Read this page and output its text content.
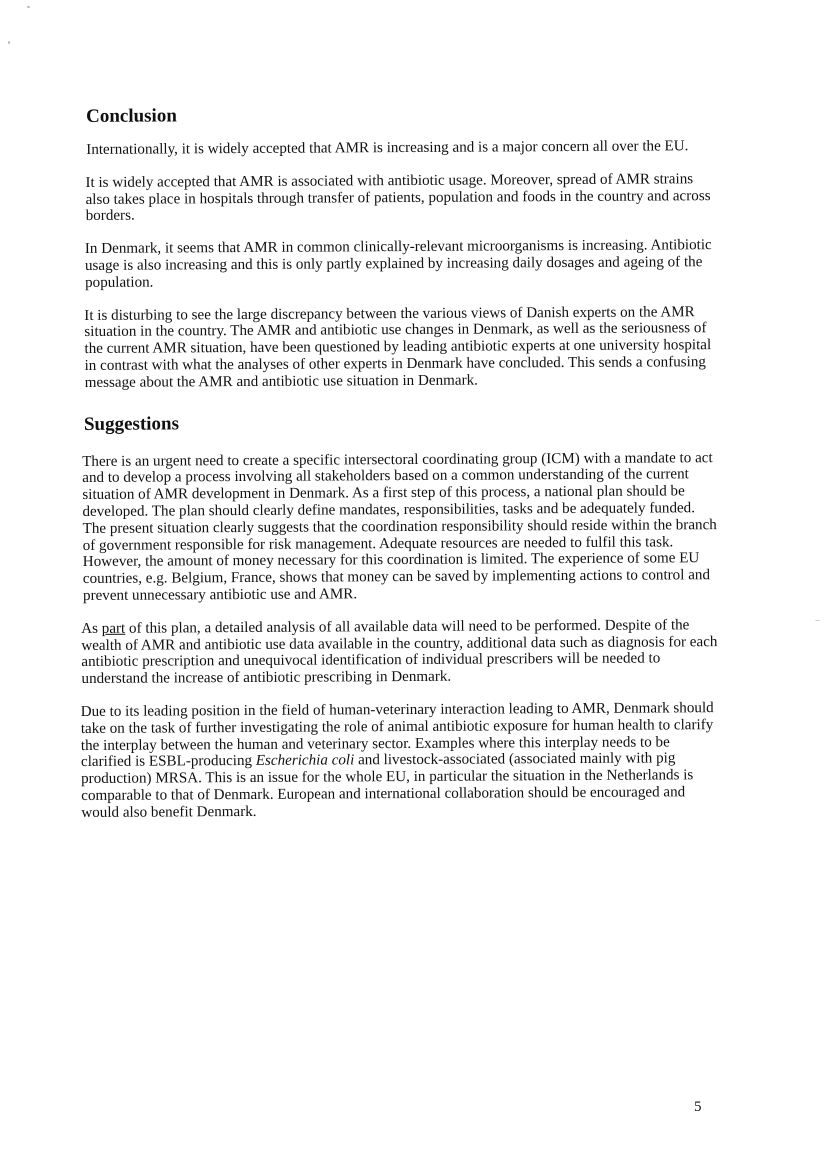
Conclusion

Internationally, it is widely accepted that AMR is increasing and is a major concern all over the EU.

It is widely accepted that AMR is associated with antibiotic usage. Moreover, spread of AMR strains also takes place in hospitals through transfer of patients, population and foods in the country and across borders.

In Denmark, it seems that AMR in common clinically-relevant microorganisms is increasing. Antibiotic usage is also increasing and this is only partly explained by increasing daily dosages and ageing of the population.

It is disturbing to see the large discrepancy between the various views of Danish experts on the AMR situation in the country. The AMR and antibiotic use changes in Denmark, as well as the seriousness of the current AMR situation, have been questioned by leading antibiotic experts at one university hospital in contrast with what the analyses of other experts in Denmark have concluded. This sends a confusing message about the AMR and antibiotic use situation in Denmark.

Suggestions

There is an urgent need to create a specific intersectoral coordinating group (ICM) with a mandate to act and to develop a process involving all stakeholders based on a common understanding of the current situation of AMR development in Denmark. As a first step of this process, a national plan should be developed. The plan should clearly define mandates, responsibilities, tasks and be adequately funded. The present situation clearly suggests that the coordination responsibility should reside within the branch of government responsible for risk management. Adequate resources are needed to fulfil this task. However, the amount of money necessary for this coordination is limited. The experience of some EU countries, e.g. Belgium, France, shows that money can be saved by implementing actions to control and prevent unnecessary antibiotic use and AMR.

As part of this plan, a detailed analysis of all available data will need to be performed. Despite of the wealth of AMR and antibiotic use data available in the country, additional data such as diagnosis for each antibiotic prescription and unequivocal identification of individual prescribers will be needed to understand the increase of antibiotic prescribing in Denmark.

Due to its leading position in the field of human-veterinary interaction leading to AMR, Denmark should take on the task of further investigating the role of animal antibiotic exposure for human health to clarify the interplay between the human and veterinary sector. Examples where this interplay needs to be clarified is ESBL-producing Escherichia coli and livestock-associated (associated mainly with pig production) MRSA. This is an issue for the whole EU, in particular the situation in the Netherlands is comparable to that of Denmark. European and international collaboration should be encouraged and would also benefit Denmark.

5
